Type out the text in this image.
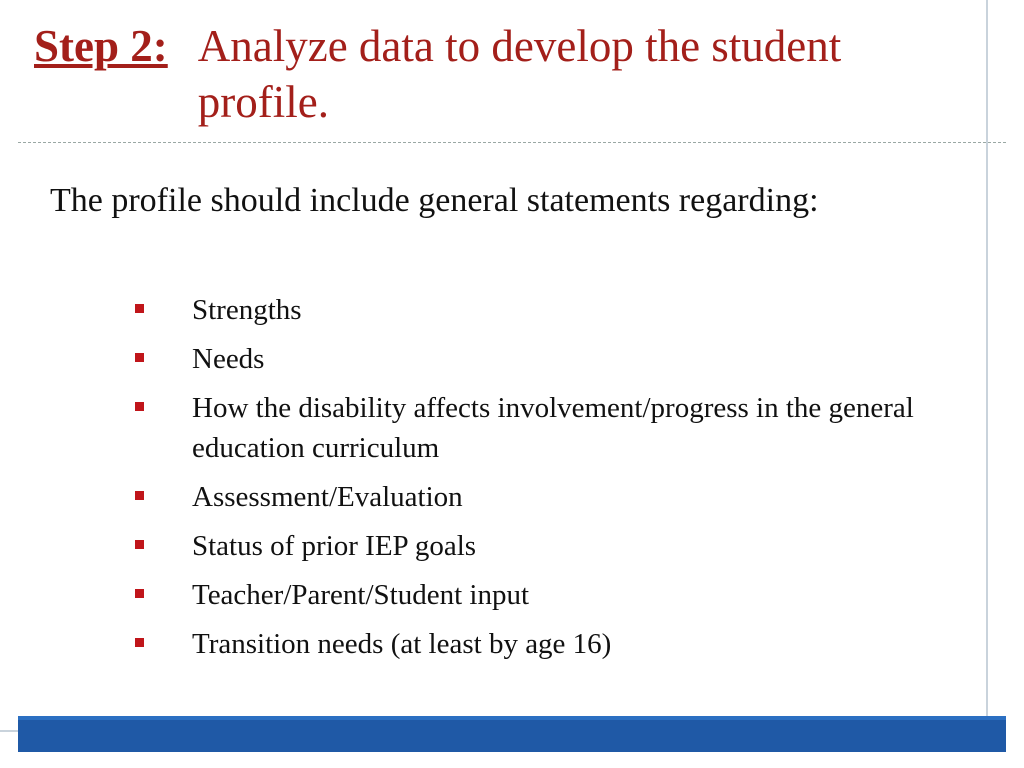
Step 2: Analyze data to develop the student profile.
The profile should include general statements regarding:
Strengths
Needs
How the disability affects involvement/progress in the general education curriculum
Assessment/Evaluation
Status of prior IEP goals
Teacher/Parent/Student input
Transition needs (at least by age 16)
